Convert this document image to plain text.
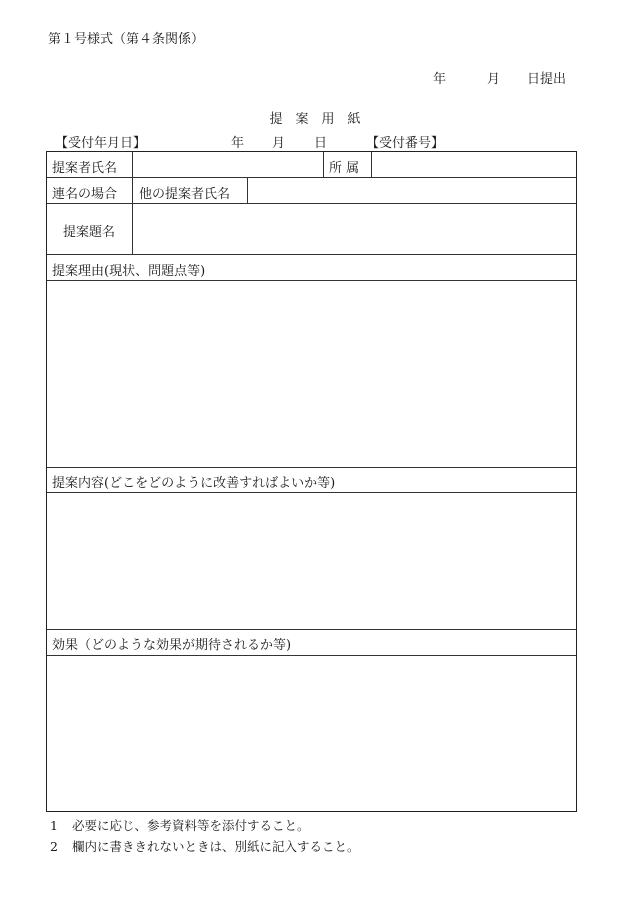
第１号様式（第４条関係）
年	月 日提出
提　案　用　紙
【受付年月日】	年 月 日	【受付番号】
提案者氏名	所 属
連名の場合 他の提案者氏名
提案題名
提案理由(現状、問題点等)
提案内容(どこをどのように改善すればよいか等)
効果（どのような効果が期待されるか等)
1 必要に応じ、参考資料等を添付すること。
2 欄内に書ききれないときは、別紙に記入すること。
